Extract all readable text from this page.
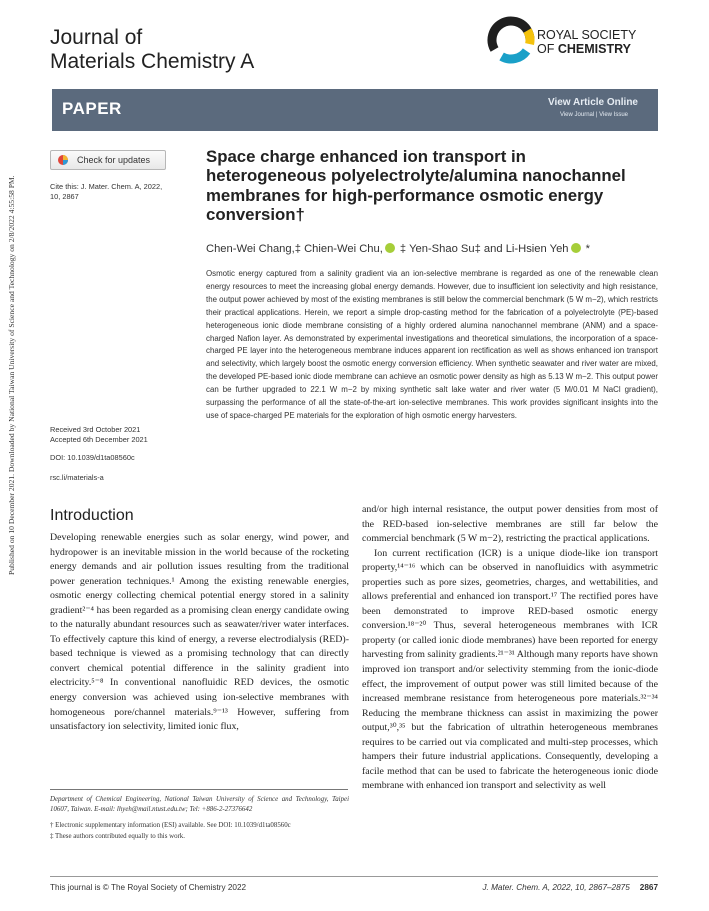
Published on 10 December 2021. Downloaded by National Taiwan University of Science and Technology on 2/8/2022 4:55:58 PM.
Journal of
Materials Chemistry A
ROYAL SOCIETY
OF CHEMISTRY
PAPER	View Article Online
View Journal | View Issue
Check for updates
Cite this: J. Mater. Chem. A, 2022, 10, 2867
Received 3rd October 2021
Accepted 6th December 2021
DOI: 10.1039/d1ta08560c
rsc.li/materials-a
Space charge enhanced ion transport in heterogeneous polyelectrolyte/alumina nanochannel membranes for high-performance osmotic energy conversion†
Chen-Wei Chang,‡ Chien-Wei Chu, ‡ Yen-Shao Su‡ and Li-Hsien Yeh *
Osmotic energy captured from a salinity gradient via an ion-selective membrane is regarded as one of the renewable clean energy resources to meet the increasing global energy demands. However, due to insufficient ion selectivity and high resistance, the output power achieved by most of the existing membranes is still below the commercial benchmark (5 W m−2), which restricts their practical applications. Herein, we report a simple drop-casting method for the fabrication of a polyelectrolyte (PE)-based heterogeneous ionic diode membrane consisting of a highly ordered alumina nanochannel membrane (ANM) and a space-charged Nafion layer. As demonstrated by experimental investigations and theoretical simulations, the incorporation of a space-charged PE layer into the heterogeneous membrane induces apparent ion rectification as well as shows enhanced ion transport and selectivity, which largely boost the osmotic energy conversion efficiency. When synthetic seawater and river water are mixed, the developed PE-based ionic diode membrane can achieve an osmotic power density as high as 5.13 W m−2. This output power can be further upgraded to 22.1 W m−2 by mixing synthetic salt lake water and river water (5 M/0.01 M NaCl gradient), surpassing the performance of all the state-of-the-art ion-selective membranes. This work provides significant insights into the use of space-charged PE materials for the exploration of high osmotic energy harvesters.
Introduction

Developing renewable energies such as solar energy, wind power, and hydropower is an inevitable mission in the world because of the rocketing energy demands and air pollution issues resulting from the traditional power generation techniques.¹ Among the existing renewable energies, osmotic energy collecting chemical potential energy stored in a salinity gradient²⁻⁴ has been regarded as a promising clean energy candidate owing to the naturally abundant resources such as seawater/river water interfaces. To effectively capture this kind of energy, a reverse electrodialysis (RED)-based technique is viewed as a promising technology that can directly convert chemical potential difference in the salinity gradient into electricity.⁵⁻⁸ In conventional nanofluidic RED devices, the osmotic energy conversion was achieved using ion-selective membranes with homogeneous pore/channel materials.⁹⁻¹³ However, suffering from unsatisfactory ion selectivity, limited ionic flux,

and/or high internal resistance, the output power densities from most of the RED-based ion-selective membranes are still far below the commercial benchmark (5 W m−2), restricting the practical applications.

Ion current rectification (ICR) is a unique diode-like ion transport property,¹⁴⁻¹⁶ which can be observed in nanofluidics with asymmetric properties such as pore sizes, geometries, charges, and wettabilities, and allows preferential and enhanced ion transport.¹⁷ The rectified pores have been demonstrated to improve RED-based osmotic energy conversion.¹⁸⁻²⁰ Thus, several heterogeneous membranes with ICR property (or called ionic diode membranes) have been reported for energy harvesting from salinity gradients.²¹⁻³¹ Although many reports have shown improved ion transport and/or selectivity stemming from the ionic-diode effect, the improvement of output power was still limited because of the increased membrane resistance from heterogeneous pore materials.³²⁻³⁴ Reducing the membrane thickness can assist in maximizing the power output,³⁰,³⁵ but the fabrication of ultrathin heterogeneous membranes requires to be carried out via complicated and multi-step processes, which hampers their future industrial applications. Consequently, developing a facile method that can be used to fabricate the heterogeneous ionic diode membrane with enhanced ion transport and selectivity as well

Department of Chemical Engineering, National Taiwan University of Science and Technology, Taipei 10607, Taiwan. E-mail: lhyeh@mail.ntust.edu.tw; Tel: +886-2-27376642
† Electronic supplementary information (ESI) available. See DOI: 10.1039/d1ta08560c
‡ These authors contributed equally to this work.
This journal is © The Royal Society of Chemistry 2022	J. Mater. Chem. A, 2022, 10, 2867–2875 2867
